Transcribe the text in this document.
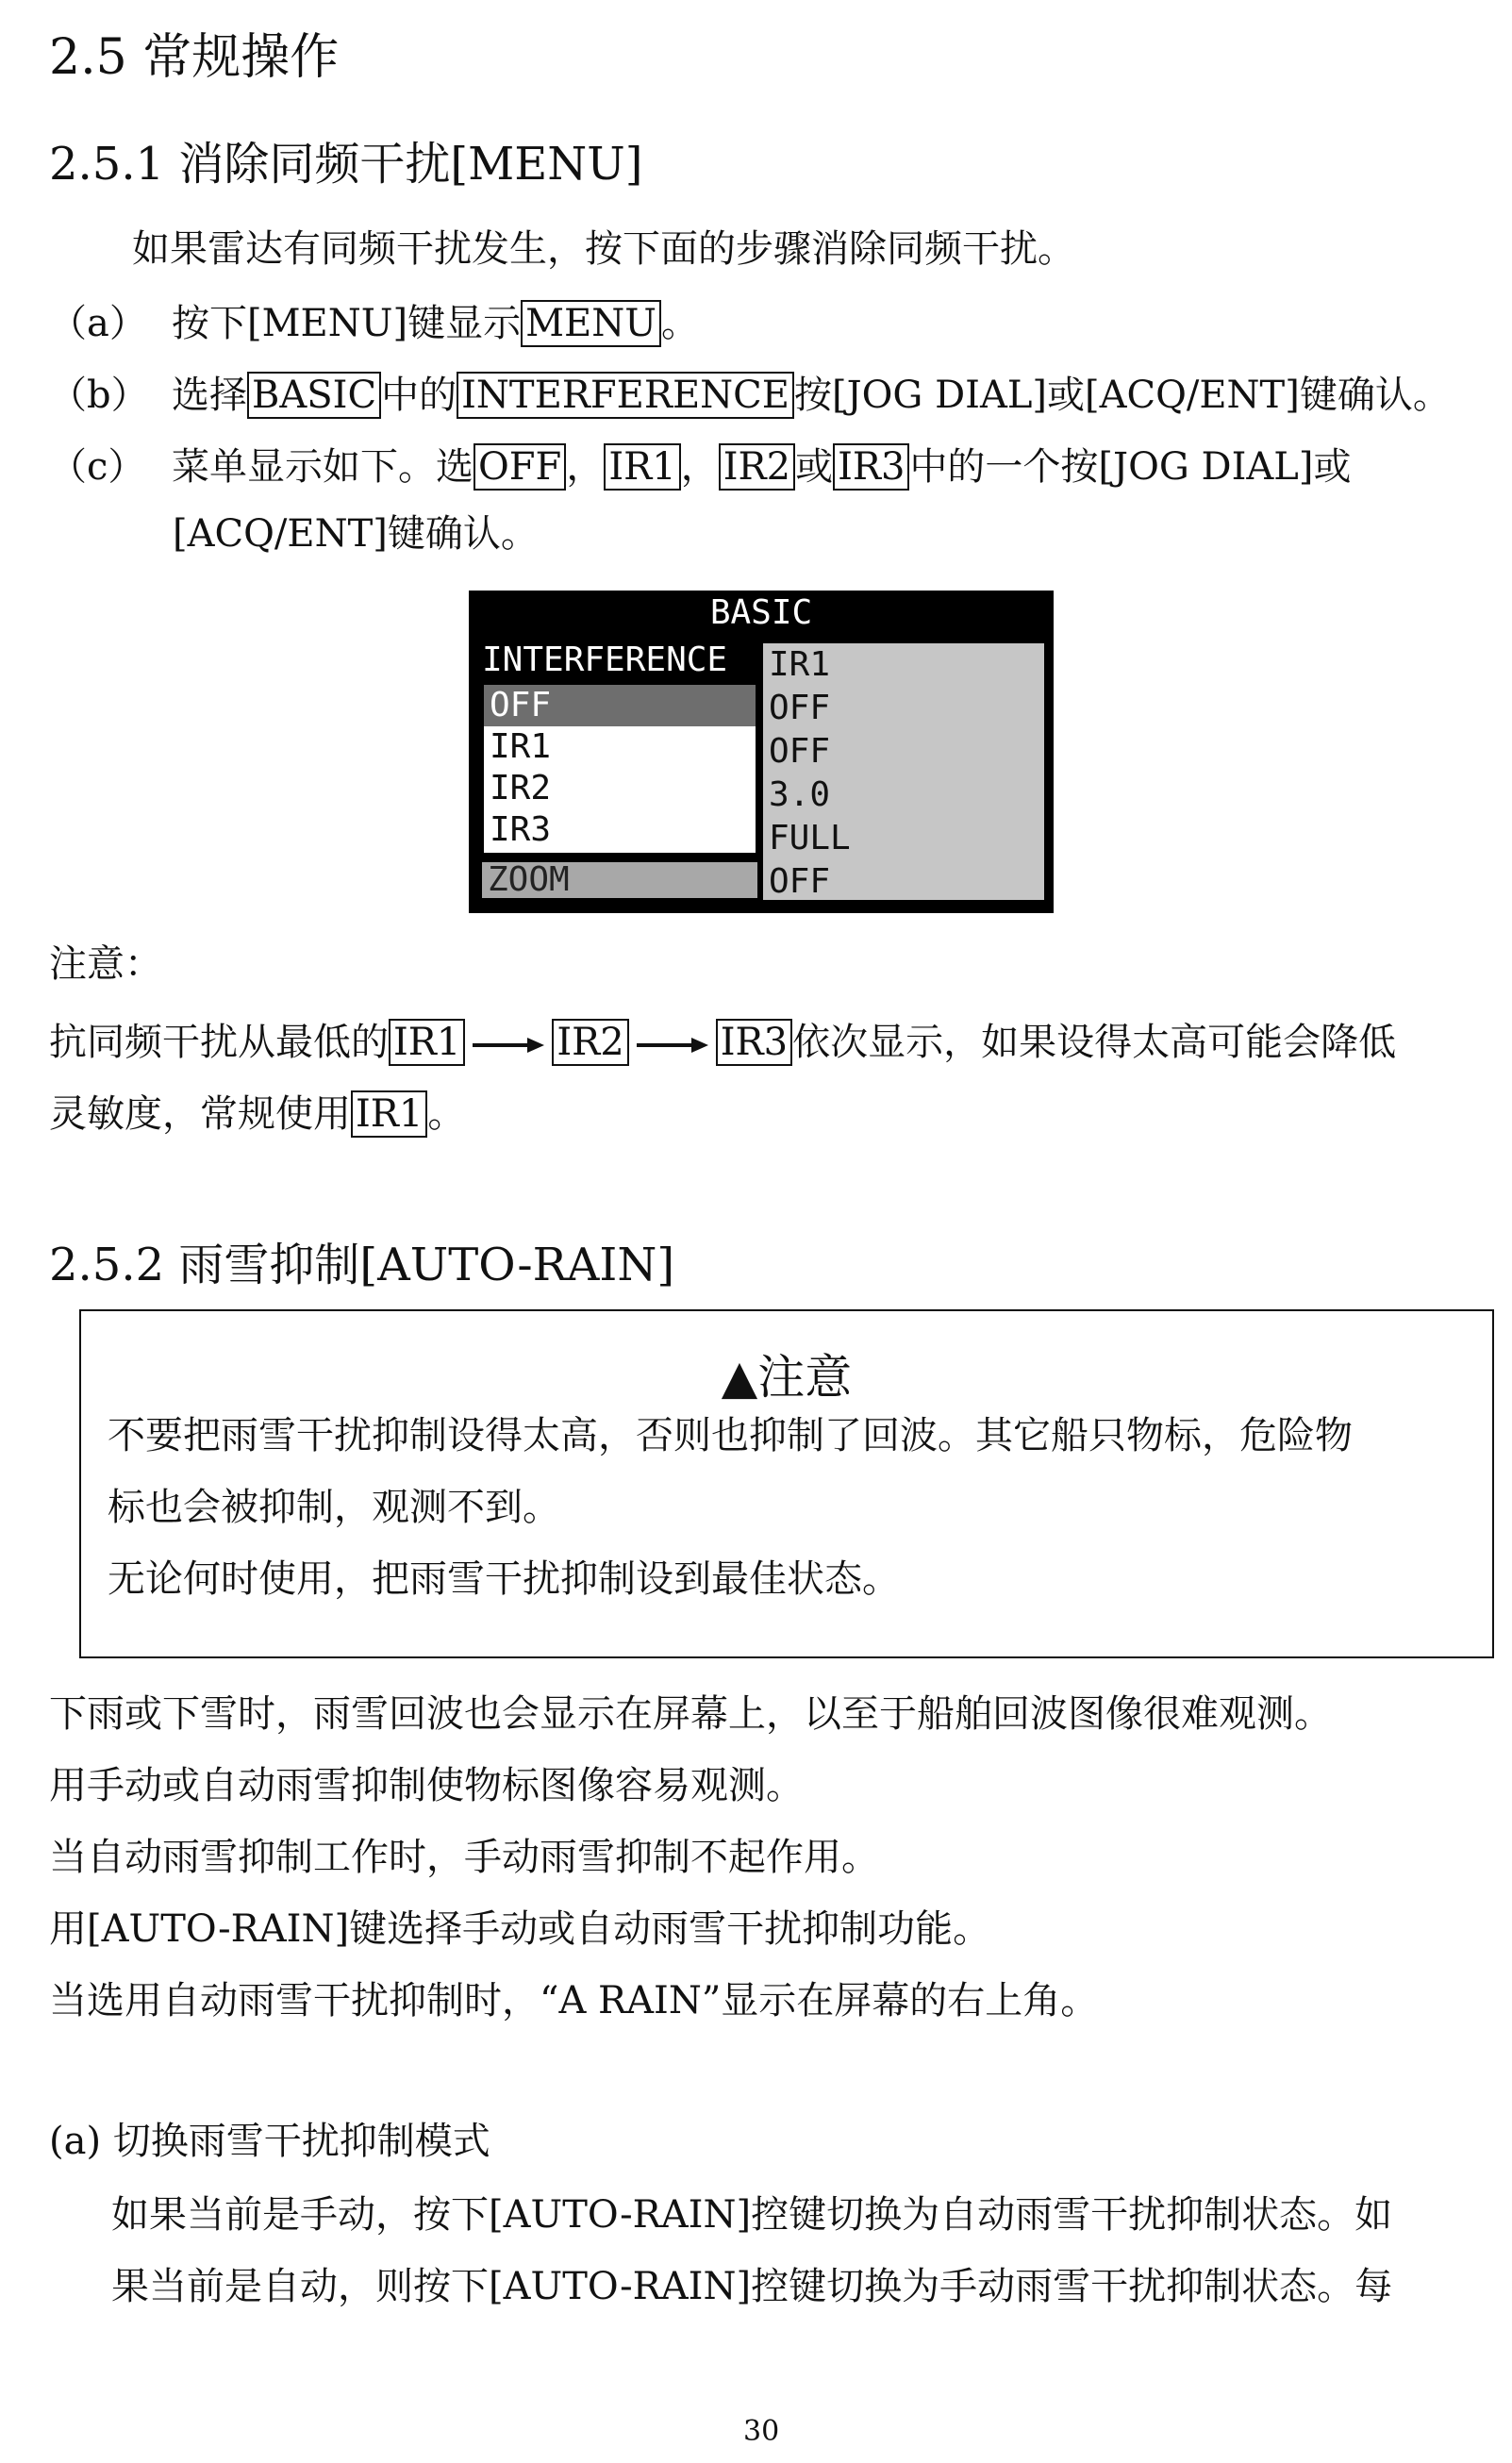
2.5 常规操作
2.5.1 消除同频干扰[MENU]
如果雷达有同频干扰发生，按下面的步骤消除同频干扰。
（a） 按下[MENU]键显示 MENU 。
（b） 选择 BASIC 中的 INTERFERENCE 按[JOG DIAL]或[ACQ/ENT]键确认。
（c） 菜单显示如下。选 OFF ， IR1 ， IR2 或 IR3 中的一个按[JOG DIAL]或
[ACQ/ENT]键确认。
BASIC
INTERFERENCE
OFF
IR1
IR2
IR3
ZOOM
IR1
OFF
OFF
3.0
FULL
OFF
注意：
抗同频干扰从最低的 IR1	IR2	IR3 依次显示，如果设得太高可能会降低
灵敏度，常规使用 IR1 。
2.5.2 雨雪抑制[AUTO-RAIN]
▲注意
不要把雨雪干扰抑制设得太高，否则也抑制了回波。其它船只物标，危险物
标也会被抑制，观测不到。
无论何时使用，把雨雪干扰抑制设到最佳状态。
下雨或下雪时，雨雪回波也会显示在屏幕上，以至于船舶回波图像很难观测。
用手动或自动雨雪抑制使物标图像容易观测。
当自动雨雪抑制工作时，手动雨雪抑制不起作用。
用[AUTO-RAIN]键选择手动或自动雨雪干扰抑制功能。
当选用自动雨雪干扰抑制时，“A RAIN”显示在屏幕的右上角。
(a) 切换雨雪干扰抑制模式
如果当前是手动，按下[AUTO-RAIN]控键切换为自动雨雪干扰抑制状态。如
果当前是自动，则按下[AUTO-RAIN]控键切换为手动雨雪干扰抑制状态。每
30
